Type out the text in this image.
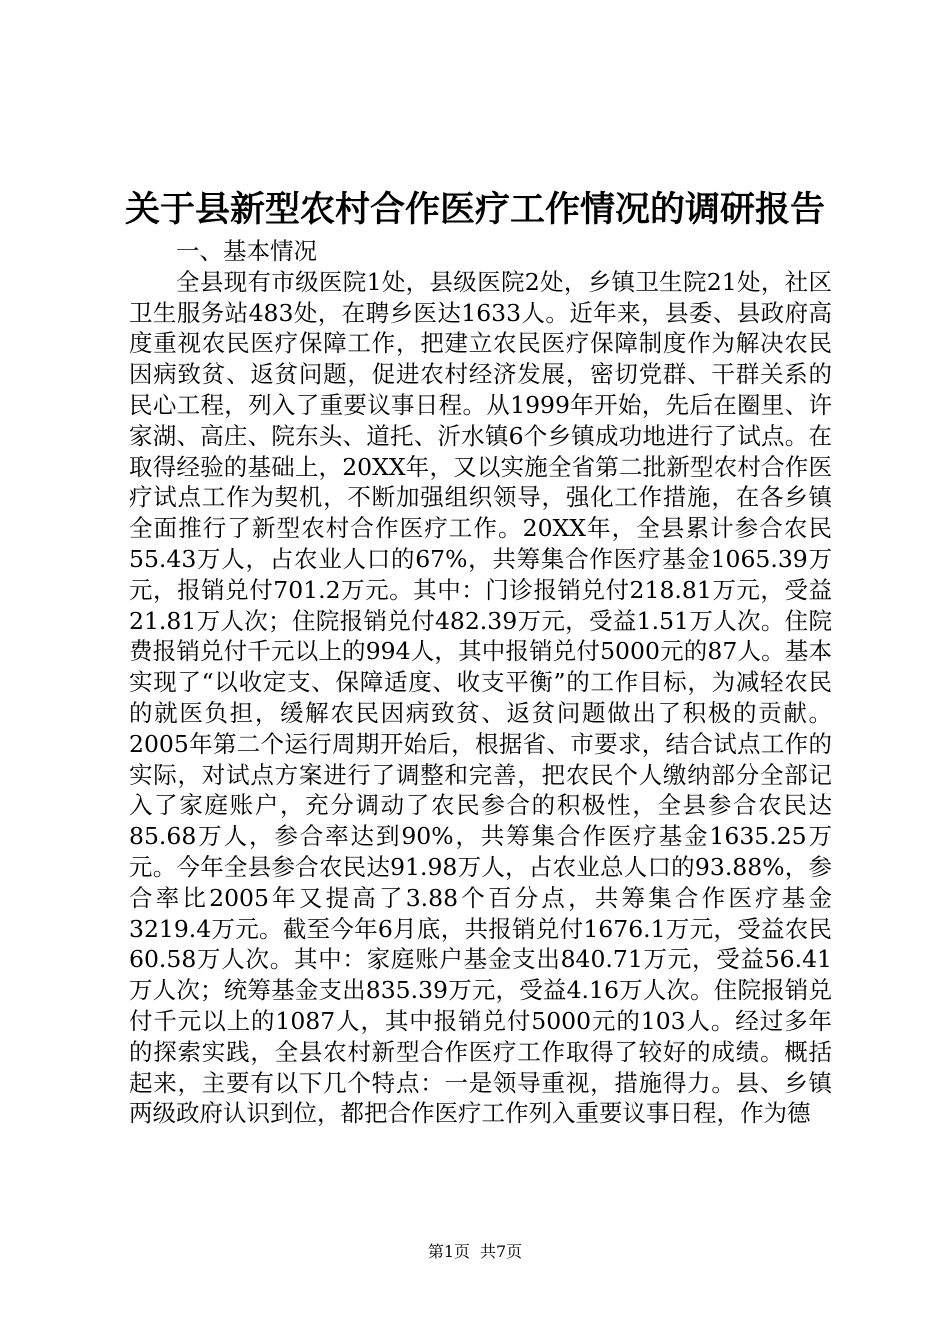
关于县新型农村合作医疗工作情况的调研报告

一、基本情况

全县现有市级医院1处，县级医院2处，乡镇卫生院21处，社区卫生服务站483处，在聘乡医达1633人。近年来，县委、县政府高度重视农民医疗保障工作，把建立农民医疗保障制度作为解决农民因病致贫、返贫问题，促进农村经济发展，密切党群、干群关系的民心工程，列入了重要议事日程。从1999年开始，先后在圈里、许家湖、高庄、院东头、道托、沂水镇6个乡镇成功地进行了试点。在取得经验的基础上，20XX年，又以实施全省第二批新型农村合作医疗试点工作为契机，不断加强组织领导，强化工作措施，在各乡镇全面推行了新型农村合作医疗工作。20XX年，全县累计参合农民55.43万人，占农业人口的67%，共筹集合作医疗基金1065.39万元，报销兑付701.2万元。其中：门诊报销兑付218.81万元，受益21.81万人次；住院报销兑付482.39万元，受益1.51万人次。住院费报销兑付千元以上的994人，其中报销兑付5000元的87人。基本实现了“以收定支、保障适度、收支平衡”的工作目标，为减轻农民的就医负担，缓解农民因病致贫、返贫问题做出了积极的贡献。2005年第二个运行周期开始后，根据省、市要求，结合试点工作的实际，对试点方案进行了调整和完善，把农民个人缴纳部分全部记入了家庭账户，充分调动了农民参合的积极性，全县参合农民达85.68万人，参合率达到90%，共筹集合作医疗基金1635.25万元。今年全县参合农民达91.98万人，占农业总人口的93.88%，参合率比2005年又提高了3.88个百分点，共筹集合作医疗基金3219.4万元。截至今年6月底，共报销兑付1676.1万元，受益农民60.58万人次。其中：家庭账户基金支出840.71万元，受益56.41万人次；统筹基金支出835.39万元，受益4.16万人次。住院报销兑付千元以上的1087人，其中报销兑付5000元的103人。经过多年的探索实践，全县农村新型合作医疗工作取得了较好的成绩。概括起来，主要有以下几个特点：一是领导重视，措施得力。县、乡镇两级政府认识到位，都把合作医疗工作列入重要议事日程，作为德

第1页 共7页
